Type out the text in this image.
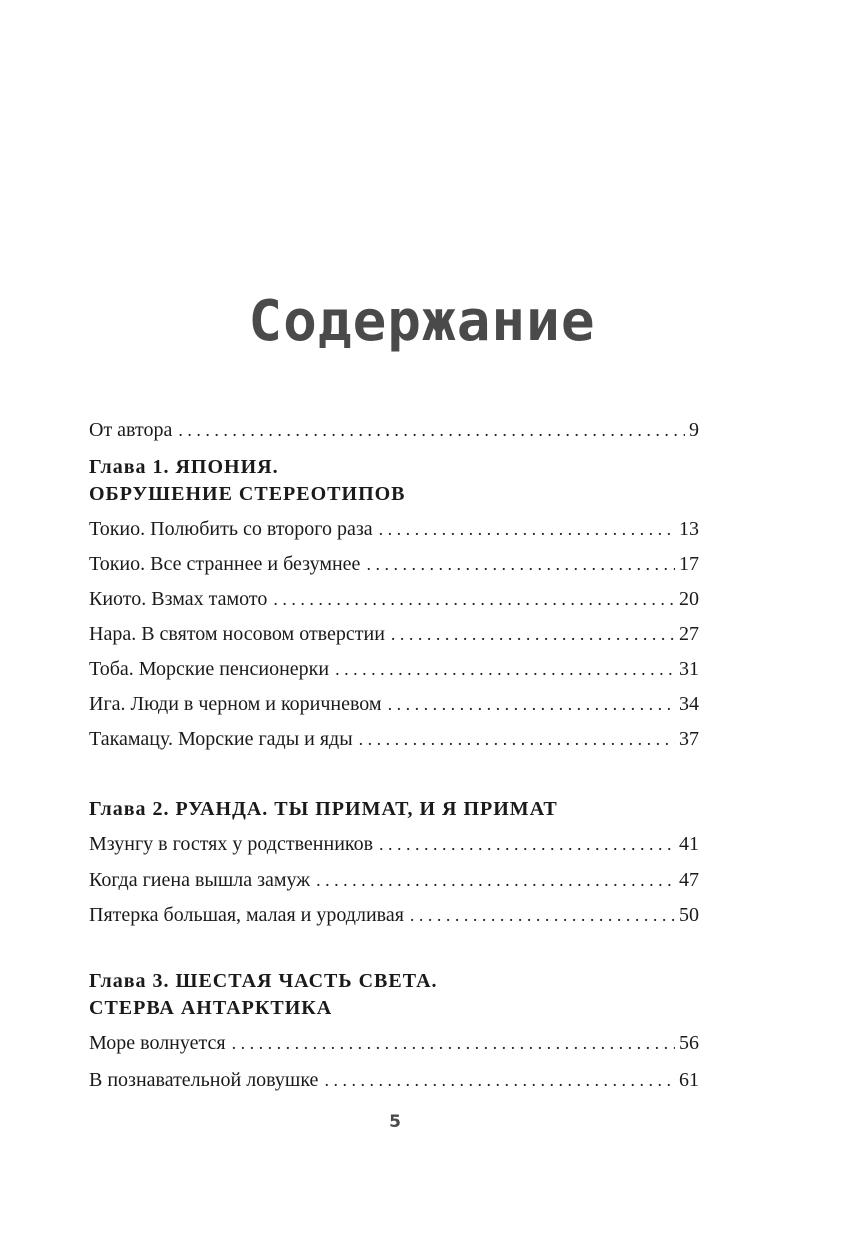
Содержание
От автора . . .	9
Глава 1. ЯПОНИЯ.
ОБРУШЕНИЕ СТЕРЕОТИПОВ
Токио. Полюбить со второго раза . . .	13
Токио. Все страннее и безумнее . . .	17
Киото. Взмах тамото . . .	20
Нара. В святом носовом отверстии . . .	27
Тоба. Морские пенсионерки . . .	31
Ига. Люди в черном и коричневом . . .	34
Такамацу. Морские гады и яды . . .	37
Глава 2. РУАНДА. ТЫ ПРИМАТ, И Я ПРИМАТ
Мзунгу в гостях у родственников . . .	41
Когда гиена вышла замуж . . .	47
Пятерка большая, малая и уродливая . . .	50
Глава 3. ШЕСТАЯ ЧАСТЬ СВЕТА.
СТЕРВА АНТАРКТИКА
Море волнуется . . .	56
В познавательной ловушке . . .	61
5
